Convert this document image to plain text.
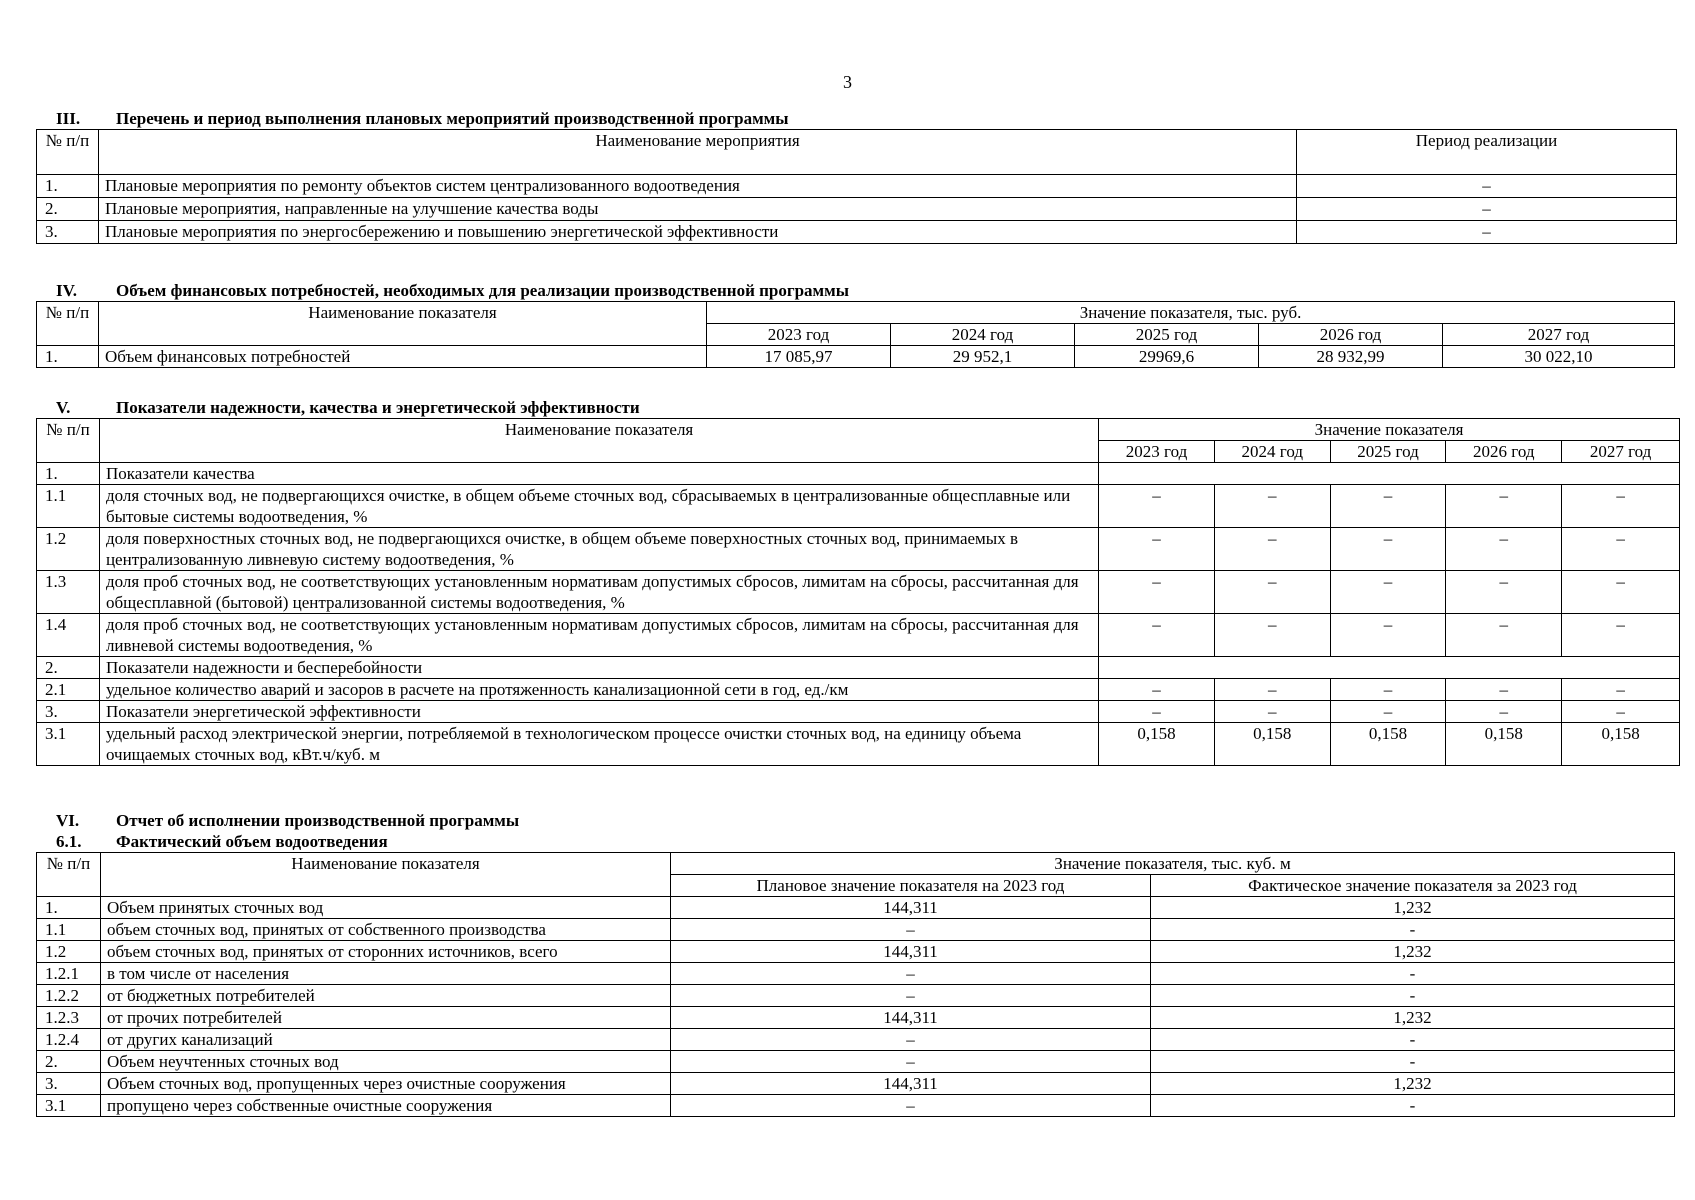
3
III. Перечень и период выполнения плановых мероприятий производственной программы
№ п/п	Наименование мероприятия	Период реализации
1.	Плановые мероприятия по ремонту объектов систем централизованного водоотведения	–
2.	Плановые мероприятия, направленные на улучшение качества воды	–
3.	Плановые мероприятия по энергосбережению и повышению энергетической эффективности	–
IV. Объем финансовых потребностей, необходимых для реализации производственной программы
№ п/п	Наименование показателя	Значение показателя, тыс. руб.				
		2023 год	2024 год	2025 год	2026 год	2027 год
1.	Объем финансовых потребностей	17 085,97	29 952,1	29969,6	28 932,99	30 022,10
V.	Показатели надежности, качества и энергетической эффективности
№ п/п	Наименование показателя	Значение показателя				
		2023 год	2024 год	2025 год	2026 год	2027 год
1.	Показатели качества					
1.1	доля сточных вод, не подвергающихся очистке, в общем объеме сточных вод, сбрасываемых в централизованные общесплавные или бытовые системы водоотведения, %	–	–	–	–	–
1.2	доля поверхностных сточных вод, не подвергающихся очистке, в общем объеме поверхностных сточных вод, принимаемых в централизованную ливневую систему водоотведения, %	–	–	–	–	–
1.3	доля проб сточных вод, не соответствующих установленным нормативам допустимых сбросов, лимитам на сбросы, рассчитанная для общесплавной (бытовой) централизованной системы водоотведения, %	–	–	–	–	–
1.4	доля проб сточных вод, не соответствующих установленным нормативам допустимых сбросов, лимитам на сбросы, рассчитанная для ливневой системы водоотведения, %	–	–	–	–	–
2.	Показатели надежности и бесперебойности					
2.1	удельное количество аварий и засоров в расчете на протяженность канализационной сети в год, ед./км	–	–	–	–	–
3.	Показатели энергетической эффективности	–	–	–	–	–
3.1	удельный расход электрической энергии, потребляемой в технологическом процессе очистки сточных вод, на единицу объема очищаемых сточных вод, кВт.ч/куб. м	0,158	0,158	0,158	0,158	0,158
VI. Отчет об исполнении производственной программы
6.1. Фактический объем водоотведения
№ п/п	Наименование показателя	Значение показателя, тыс. куб. м	
		Плановое значение показателя на 2023 год	Фактическое значение показателя за 2023 год
1.	Объем принятых сточных вод	144,311	1,232
1.1	объем сточных вод, принятых от собственного производства	–	-
1.2	объем сточных вод, принятых от сторонних источников, всего	144,311	1,232
1.2.1	в том числе от населения	–	-
1.2.2	от бюджетных потребителей	–	-
1.2.3	от прочих потребителей	144,311	1,232
1.2.4	от других канализаций	–	-
2.	Объем неучтенных сточных вод	–	-
3.	Объем сточных вод, пропущенных через очистные сооружения	144,311	1,232
3.1	пропущено через собственные очистные сооружения	–	-
